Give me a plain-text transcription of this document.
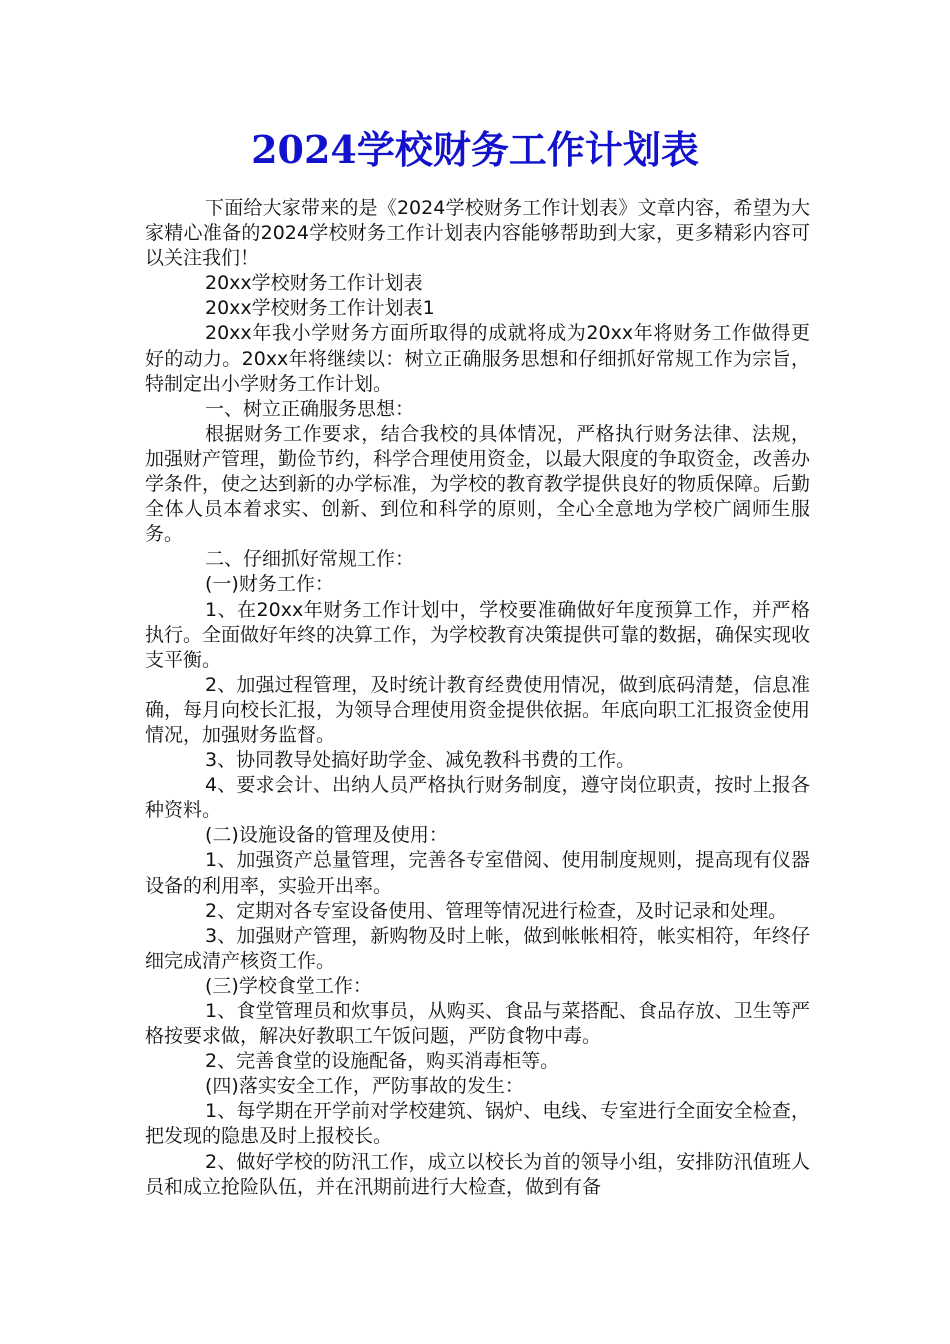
2024学校财务工作计划表

下面给大家带来的是《2024学校财务工作计划表》文章内容，希望为大家精心准备的2024学校财务工作计划表内容能够帮助到大家，更多精彩内容可以关注我们！

20xx学校财务工作计划表

20xx学校财务工作计划表1

20xx年我小学财务方面所取得的成就将成为20xx年将财务工作做得更好的动力。20xx年将继续以：树立正确服务思想和仔细抓好常规工作为宗旨，特制定出小学财务工作计划。

一、树立正确服务思想：

根据财务工作要求，结合我校的具体情况，严格执行财务法律、法规，加强财产管理，勤俭节约，科学合理使用资金，以最大限度的争取资金，改善办学条件，使之达到新的办学标准，为学校的教育教学提供良好的物质保障。后勤全体人员本着求实、创新、到位和科学的原则，全心全意地为学校广阔师生服务。

二、仔细抓好常规工作：

(一)财务工作：

1、在20xx年财务工作计划中，学校要准确做好年度预算工作，并严格执行。全面做好年终的决算工作，为学校教育决策提供可靠的数据，确保实现收支平衡。

2、加强过程管理，及时统计教育经费使用情况，做到底码清楚，信息准确，每月向校长汇报，为领导合理使用资金提供依据。年底向职工汇报资金使用情况，加强财务监督。

3、协同教导处搞好助学金、减免教科书费的工作。

4、要求会计、出纳人员严格执行财务制度，遵守岗位职责，按时上报各种资料。

(二)设施设备的管理及使用：

1、加强资产总量管理，完善各专室借阅、使用制度规则，提高现有仪器设备的利用率，实验开出率。

2、定期对各专室设备使用、管理等情况进行检查，及时记录和处理。

3、加强财产管理，新购物及时上帐，做到帐帐相符，帐实相符，年终仔细完成清产核资工作。

(三)学校食堂工作：

1、食堂管理员和炊事员，从购买、食品与菜搭配、食品存放、卫生等严格按要求做，解决好教职工午饭问题，严防食物中毒。

2、完善食堂的设施配备，购买消毒柜等。

(四)落实安全工作，严防事故的发生：

1、每学期在开学前对学校建筑、锅炉、电线、专室进行全面安全检查，把发现的隐患及时上报校长。

2、做好学校的防汛工作，成立以校长为首的领导小组，安排防汛值班人员和成立抢险队伍，并在汛期前进行大检查，做到有备
